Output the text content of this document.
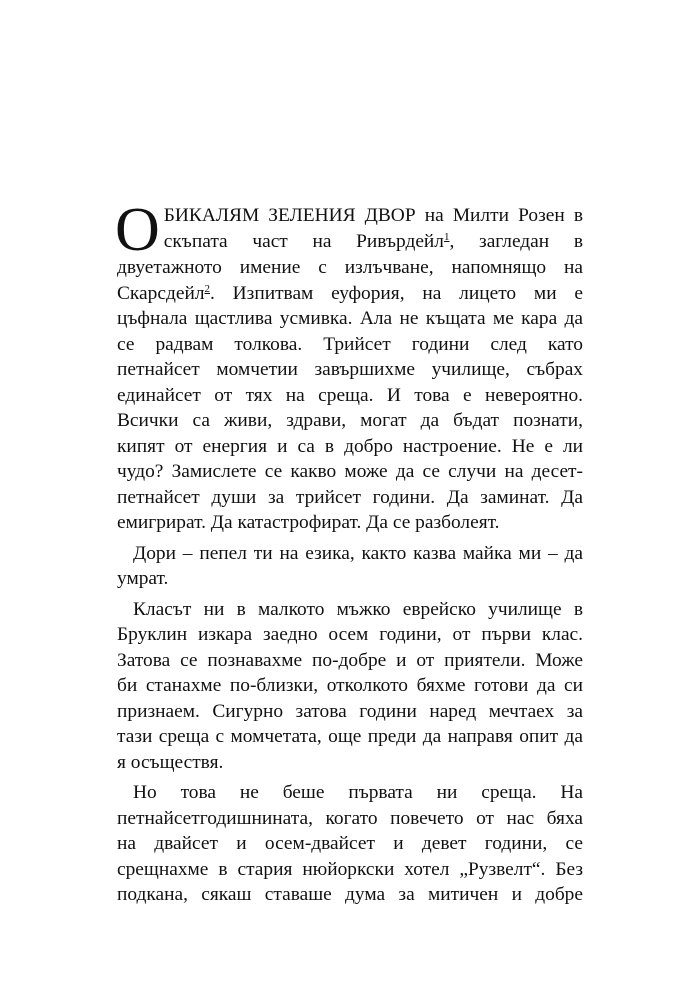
О БИКАЛЯМ ЗЕЛЕНИЯ ДВОР на Милти Розен в
скъпата част на Ривърдейл$^1$, загледан в
двуетажното имение с излъчване, напомнящо на
Скарсдейл$^2$. Изпитвам еуфория, на лицето ми е
цъфнала щастлива усмивка. Ала не къщата ме кара да
се радвам толкова. Трийсет години след като
петнайсет момчетии завършихме училище, събрах
единайсет от тях на среща. И това е невероятно.
Всички са живи, здрави, могат да бъдат познати,
кипят от енергия и са в добро настроение. Не е ли
чудо? Замислете се какво може да се случи на десет-
петнайсет души за трийсет години. Да заминат. Да
емигрират. Да катастрофират. Да се разболеят.
Дори – пепел ти на езика, както казва майка ми – да
умрат.
Класът ни в малкото мъжко еврейско училище в
Бруклин изкара заедно осем години, от първи клас.
Затова се познавахме по-добре и от приятели. Може
би станахме по-близки, отколкото бяхме готови да си
признаем. Сигурно затова години наред мечтаех за
тази среща с момчетата, още преди да направя опит да
я осъществя.
Но това не беше първата ни среща. На
петнайсетгодишнината, когато повечето от нас бяха
на двайсет и осем-двайсет и девет години, се
срещнахме в стария нюйоркски хотел „Рузвелт“. Без
подкана, сякаш ставаше дума за митичен и добре
